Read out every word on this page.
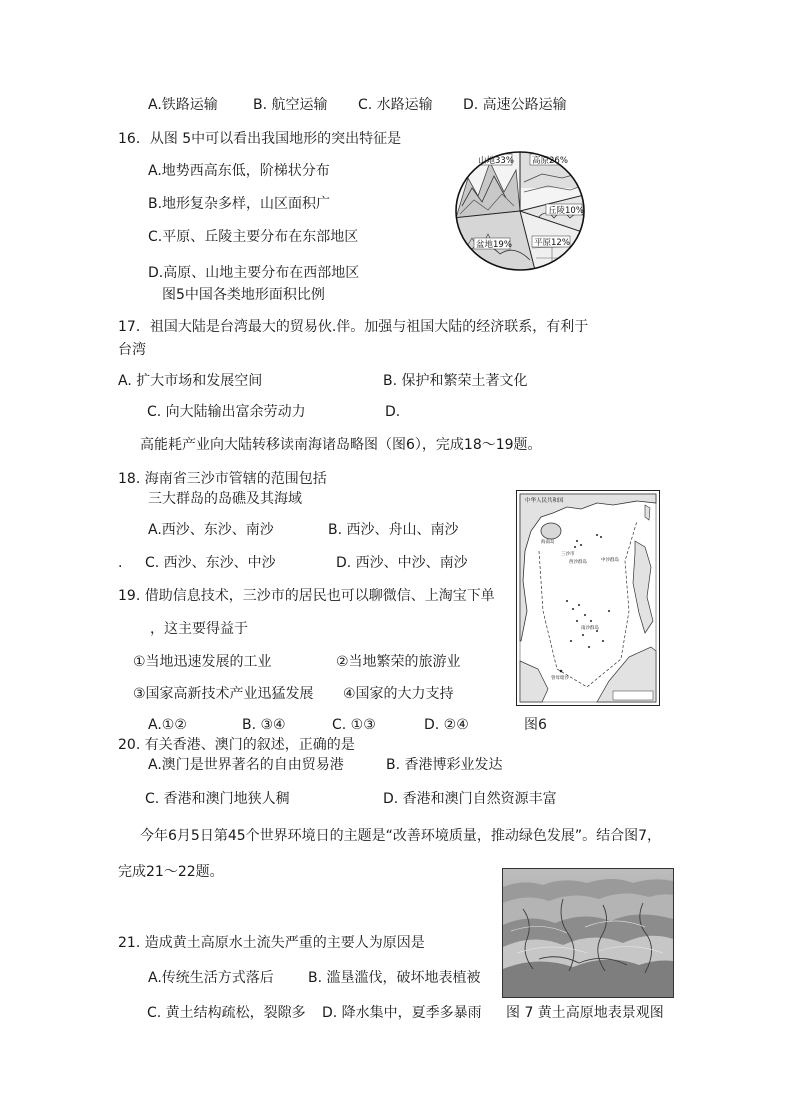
A.铁路运输	B. 航空运输 C. 水路运输 D. 高速公路运输
16．从图 5中可以看出我国地形的突出特征是
A.地势西高东低，阶梯状分布
B.地形复杂多样，山区面积广
C.平原、丘陵主要分布在东部地区
D.高原、山地主要分布在西部地区
图5中国各类地形面积比例
山地33% 高原26%
丘陵10%
盆地19%	平原12%
17．祖国大陆是台湾最大的贸易伙.伴。加强与祖国大陆的经济联系，有利于
台湾
A. 扩大市场和发展空间	B. 保护和繁荣土著文化
C. 向大陆输出富余劳动力	D.
高能耗产业向大陆转移读南海诸岛略图（图6），完成18～19题。
18. 海南省三沙市管辖的范围包括
三大群岛的岛礁及其海域
A.西沙、东沙、南沙	B. 西沙、舟山、南沙
. C. 西沙、东沙、中沙	D. 西沙、中沙、南沙
19. 借助信息技术，三沙市的居民也可以聊微信、上淘宝下单
，这主要得益于
①当地迅速发展的工业	②当地繁荣的旅游业
③国家高新技术产业迅猛发展 ④国家的大力支持
A.①②	B. ③④	C. ①③	D. ②④	图6
中华人民共和国
海南岛
三沙市
西沙群岛	中沙群岛
南沙群岛
曾母暗沙
20. 有关香港、澳门的叙述，正确的是
A.澳门是世界著名的自由贸易港	B. 香港博彩业发达
C. 香港和澳门地狭人稠	D. 香港和澳门自然资源丰富
今年6月5日第45个世界环境日的主题是“改善环境质量，推动绿色发展”。结合图7，
完成21～22题。
21. 造成黄土高原水土流失严重的主要人为原因是
A.传统生活方式落后 B. 滥垦滥伐，破坏地表植被
C. 黄土结构疏松，裂隙多 D. 降水集中，夏季多暴雨 图 7 黄土高原地表景观图
